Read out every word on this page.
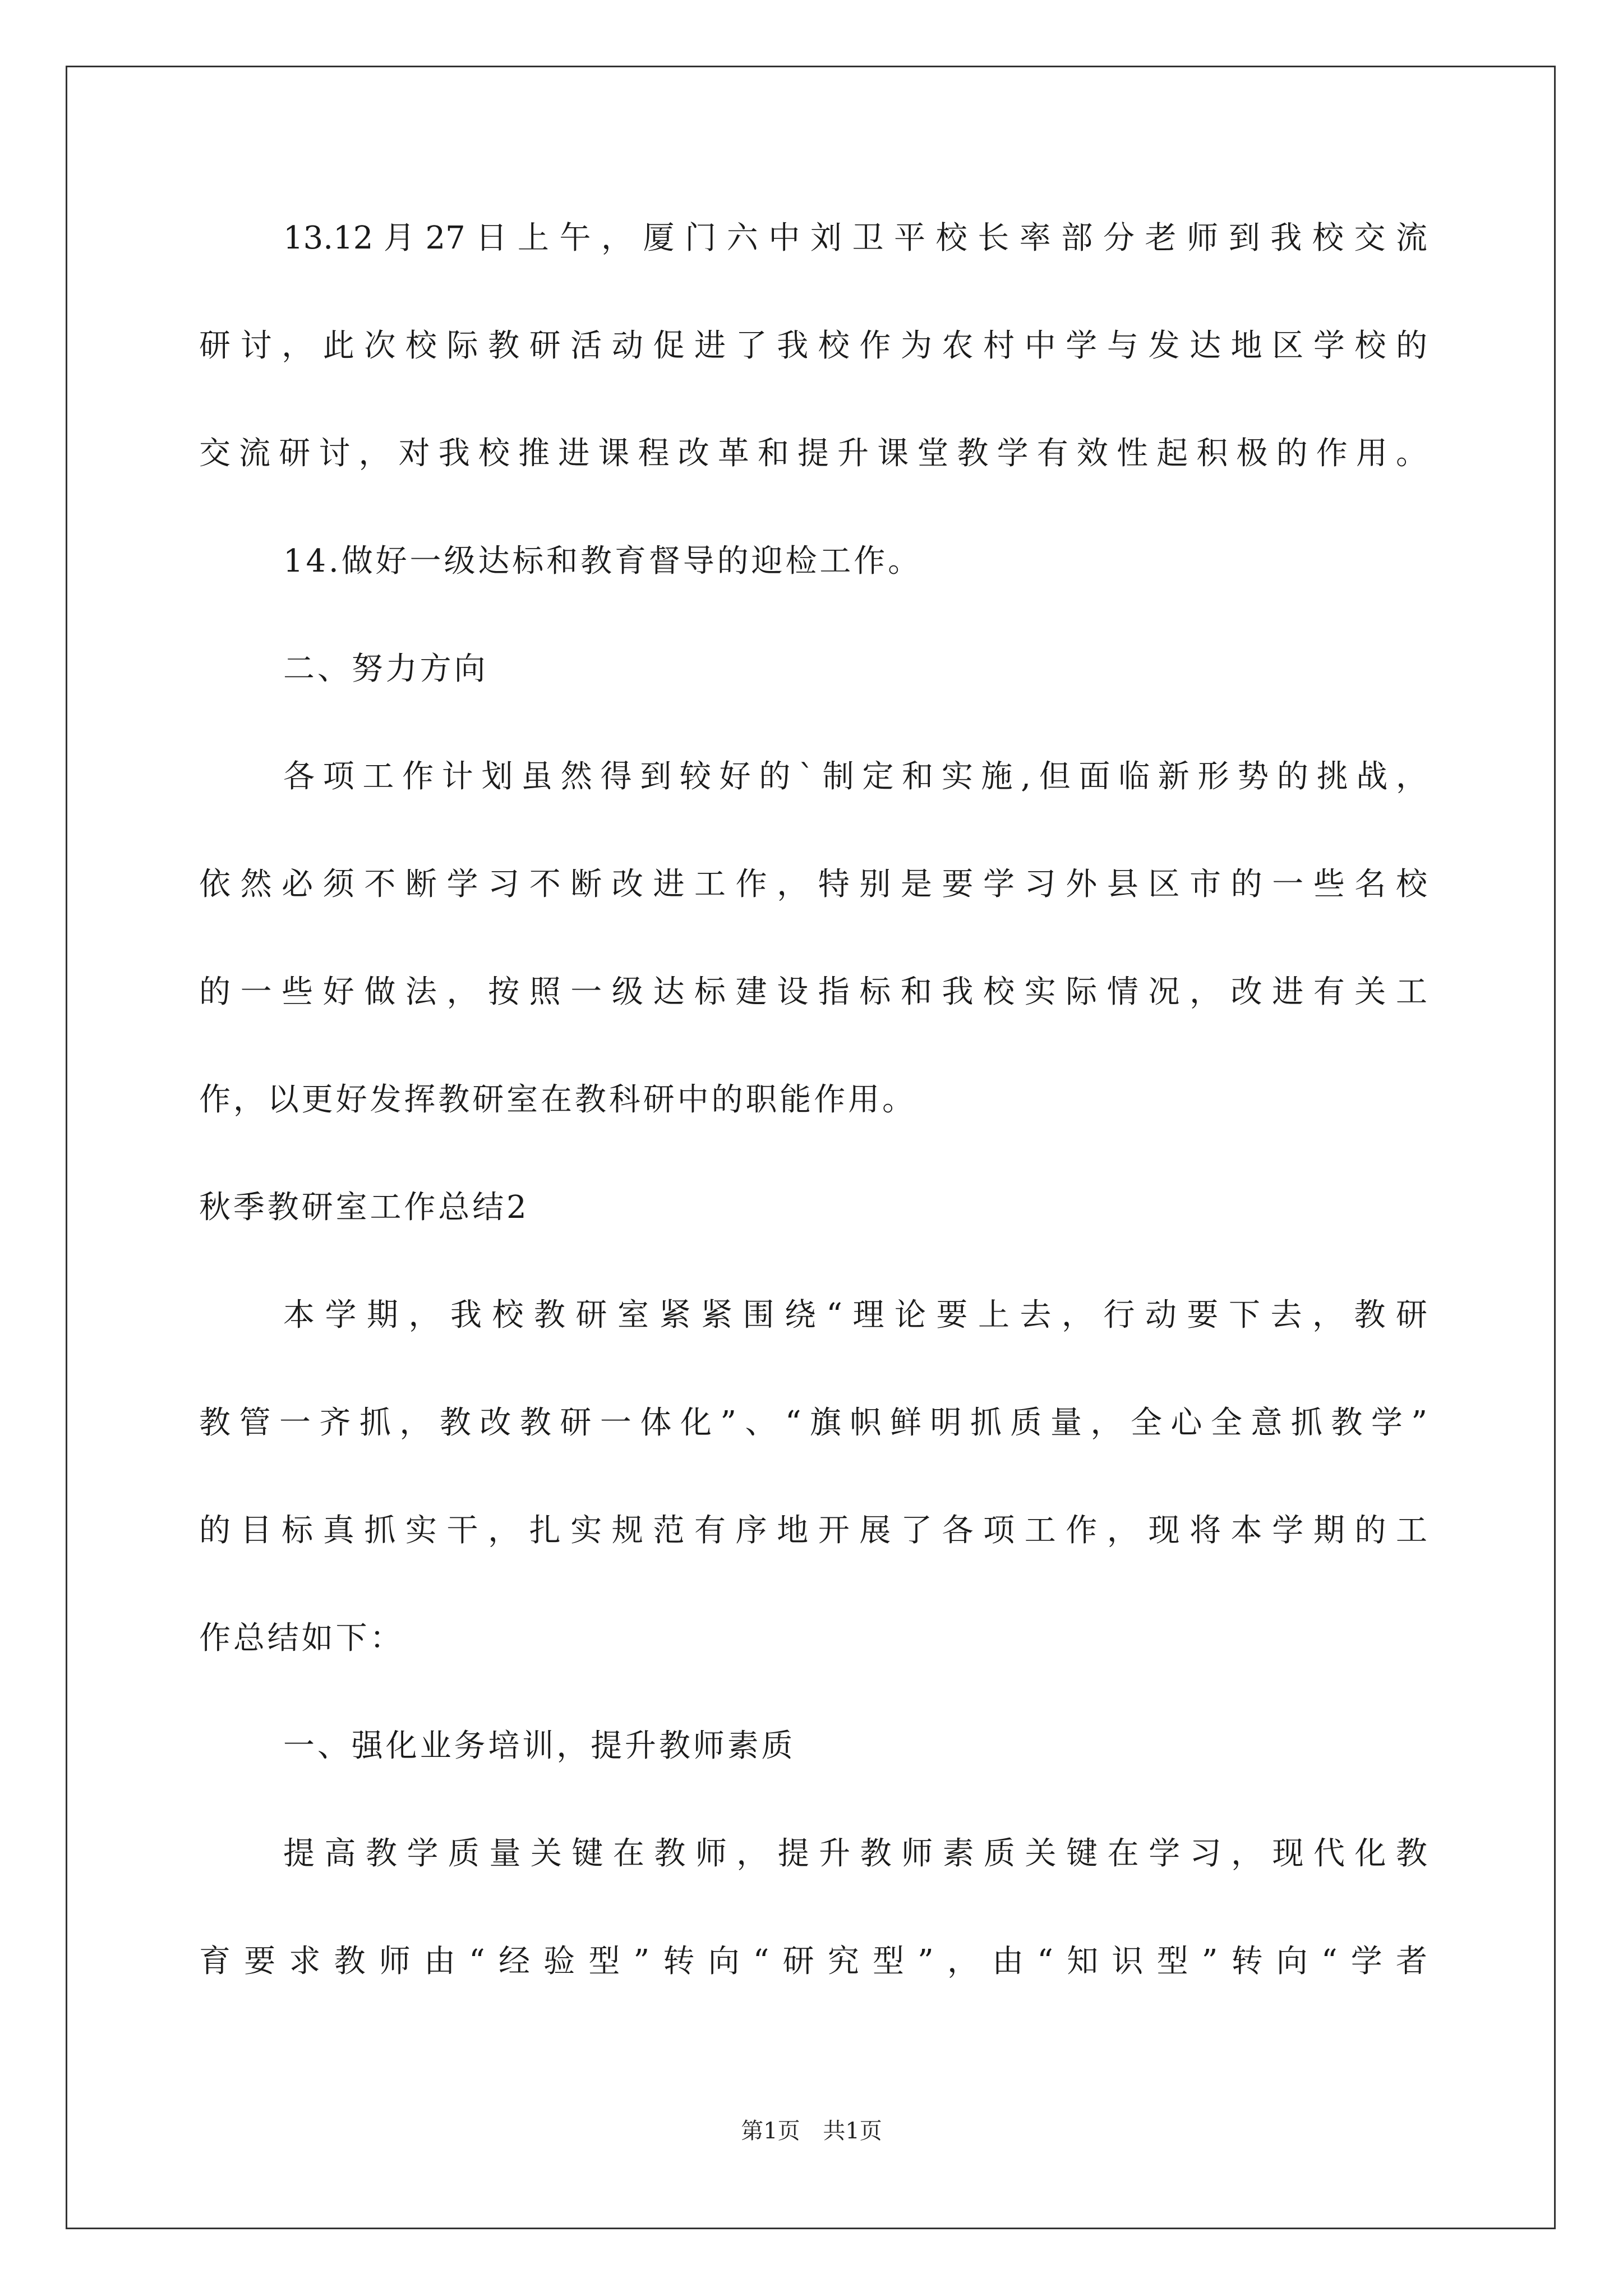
13.12月27日上午，厦门六中刘卫平校长率部分老师到我校交流
研讨，此次校际教研活动促进了我校作为农村中学与发达地区学校的
交流研讨，对我校推进课程改革和提升课堂教学有效性起积极的作用。
14.做好一级达标和教育督导的迎检工作。
二、努力方向
各项工作计划虽然得到较好的`制定和实施,但面临新形势的挑战，
依然必须不断学习不断改进工作，特别是要学习外县区市的一些名校
的一些好做法，按照一级达标建设指标和我校实际情况，改进有关工
作，以更好发挥教研室在教科研中的职能作用。
秋季教研室工作总结2
本学期，我校教研室紧紧围绕“理论要上去，行动要下去，教研
教管一齐抓，教改教研一体化”、“旗帜鲜明抓质量，全心全意抓教学”
的目标真抓实干，扎实规范有序地开展了各项工作，现将本学期的工
作总结如下：
一、强化业务培训，提升教师素质
提高教学质量关键在教师，提升教师素质关键在学习，现代化教
育要求教师由“经验型”转向“研究型”，由“知识型”转向“学者
第1页 共1页
